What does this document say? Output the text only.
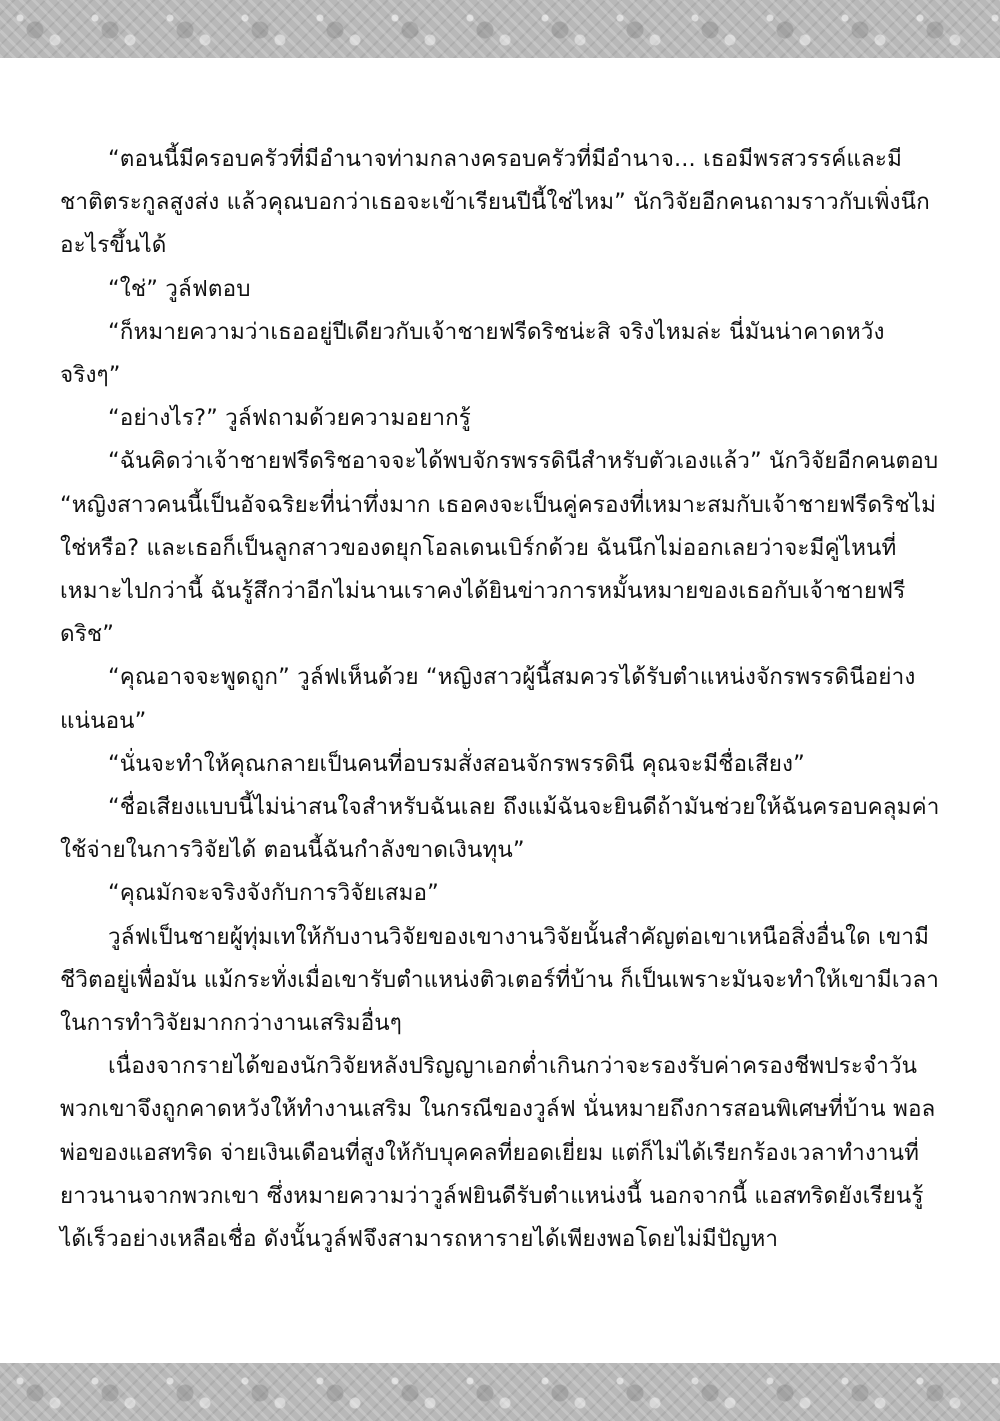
“ตอนนี้มีครอบครัวที่มีอำนาจท่ามกลางครอบครัวที่มีอำนาจ... เธอมีพรสวรรค์และมีชาติตระกูลสูงส่ง แล้วคุณบอกว่าเธอจะเข้าเรียนปีนี้ใช่ไหม” นักวิจัยอีกคนถามราวกับเพิ่งนึกอะไรขึ้นได้

“ใช่” วูล์ฟตอบ

“ก็หมายความว่าเธออยู่ปีเดียวกับเจ้าชายฟรีดริชน่ะสิ จริงไหมล่ะ นี่มันน่าคาดหวังจริงๆ”

“อย่างไร?” วูล์ฟถามด้วยความอยากรู้

“ฉันคิดว่าเจ้าชายฟรีดริชอาจจะได้พบจักรพรรดินีสำหรับตัวเองแล้ว” นักวิจัยอีกคนตอบ “หญิงสาวคนนี้เป็นอัจฉริยะที่น่าทึ่งมาก เธอคงจะเป็นคู่ครองที่เหมาะสมกับเจ้าชายฟรีดริชไม่ใช่หรือ? และเธอก็เป็นลูกสาวของดยุกโอลเดนเบิร์กด้วย ฉันนึกไม่ออกเลยว่าจะมีคู่ไหนที่เหมาะไปกว่านี้ ฉันรู้สึกว่าอีกไม่นานเราคงได้ยินข่าวการหมั้นหมายของเธอกับเจ้าชายฟรีดริช”

“คุณอาจจะพูดถูก” วูล์ฟเห็นด้วย “หญิงสาวผู้นี้สมควรได้รับตำแหน่งจักรพรรดินีอย่างแน่นอน”

“นั่นจะทำให้คุณกลายเป็นคนที่อบรมสั่งสอนจักรพรรดินี คุณจะมีชื่อเสียง”

“ชื่อเสียงแบบนี้ไม่น่าสนใจสำหรับฉันเลย ถึงแม้ฉันจะยินดีถ้ามันช่วยให้ฉันครอบคลุมค่าใช้จ่ายในการวิจัยได้ ตอนนี้ฉันกำลังขาดเงินทุน”

“คุณมักจะจริงจังกับการวิจัยเสมอ”

วูล์ฟเป็นชายผู้ทุ่มเทให้กับงานวิจัยของเขางานวิจัยนั้นสำคัญต่อเขาเหนือสิ่งอื่นใด เขามีชีวิตอยู่เพื่อมัน แม้กระทั่งเมื่อเขารับตำแหน่งติวเตอร์ที่บ้าน ก็เป็นเพราะมันจะทำให้เขามีเวลาในการทำวิจัยมากกว่างานเสริมอื่นๆ

เนื่องจากรายได้ของนักวิจัยหลังปริญญาเอกต่ำเกินกว่าจะรองรับค่าครองชีพประจำวัน พวกเขาจึงถูกคาดหวังให้ทำงานเสริม ในกรณีของวูล์ฟ นั่นหมายถึงการสอนพิเศษที่บ้าน พอล พ่อของแอสทริด จ่ายเงินเดือนที่สูงให้กับบุคคลที่ยอดเยี่ยม แต่ก็ไม่ได้เรียกร้องเวลาทำงานที่ยาวนานจากพวกเขา ซึ่งหมายความว่าวูล์ฟยินดีรับตำแหน่งนี้ นอกจากนี้ แอสทริดยังเรียนรู้ได้เร็วอย่างเหลือเชื่อ ดังนั้นวูล์ฟจึงสามารถหารายได้เพียงพอโดยไม่มีปัญหา
